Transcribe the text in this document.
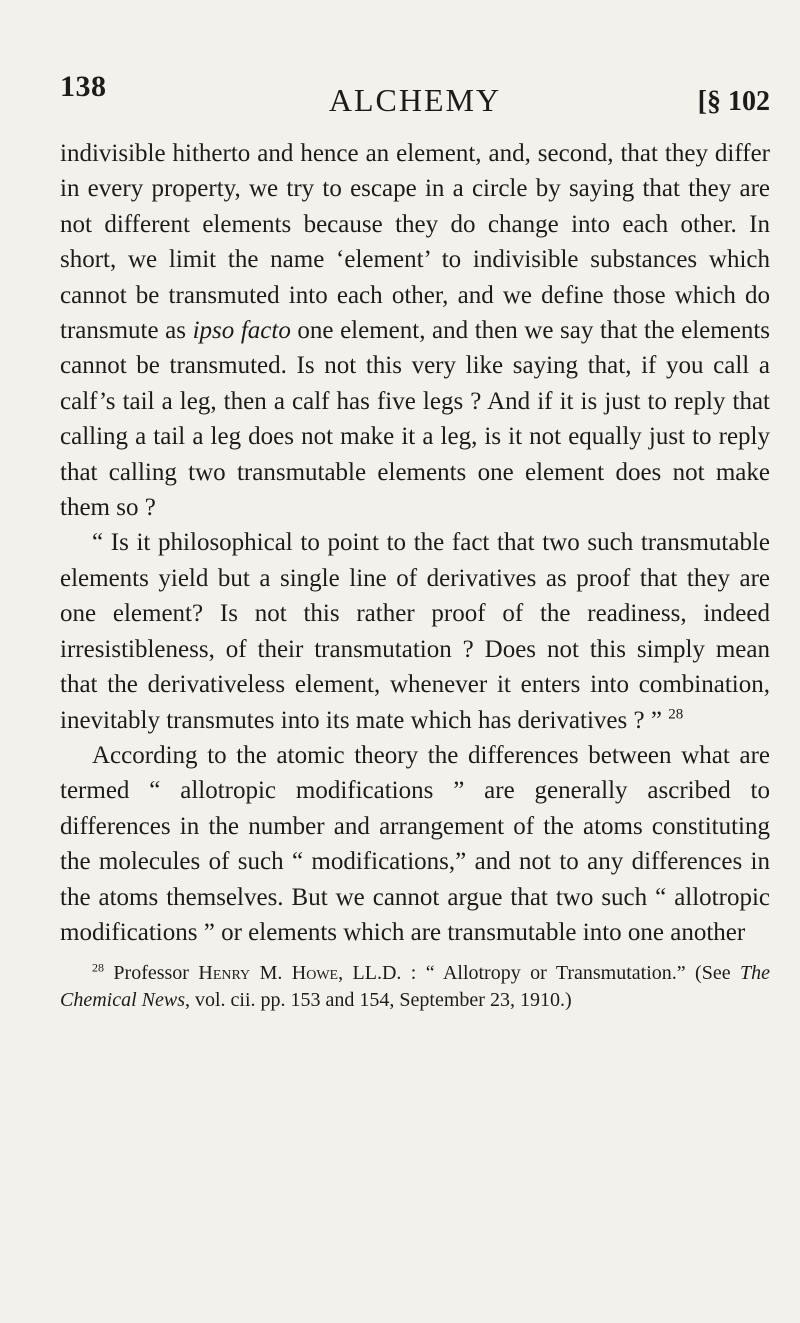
138	ALCHEMY	[§ 102

indivisible hitherto and hence an element, and, second, that they differ in every property, we try to escape in a circle by saying that they are not different elements because they do change into each other. In short, we limit the name ‘element’ to indivisible substances which cannot be transmuted into each other, and we define those which do transmute as ipso facto one element, and then we say that the elements cannot be transmuted. Is not this very like saying that, if you call a calf’s tail a leg, then a calf has five legs ? And if it is just to reply that calling a tail a leg does not make it a leg, is it not equally just to reply that calling two transmutable elements one element does not make them so ?

“ Is it philosophical to point to the fact that two such transmutable elements yield but a single line of derivatives as proof that they are one element? Is not this rather proof of the readiness, indeed irresistibleness, of their transmutation ? Does not this simply mean that the derivativeless element, whenever it enters into combination, inevitably transmutes into its mate which has derivatives ? ” $^{28}$

According to the atomic theory the differences between what are termed “ allotropic modifications ” are generally ascribed to differences in the number and arrangement of the atoms constituting the molecules of such “ modifications,” and not to any differences in the atoms themselves. But we cannot argue that two such “ allotropic modifications ” or elements which are transmutable into one another

$^{28}$ Professor Henry M. Howe, LL.D. : “ Allotropy or Transmutation.” (See The Chemical News, vol. cii. pp. 153 and 154, September 23, 1910.)
